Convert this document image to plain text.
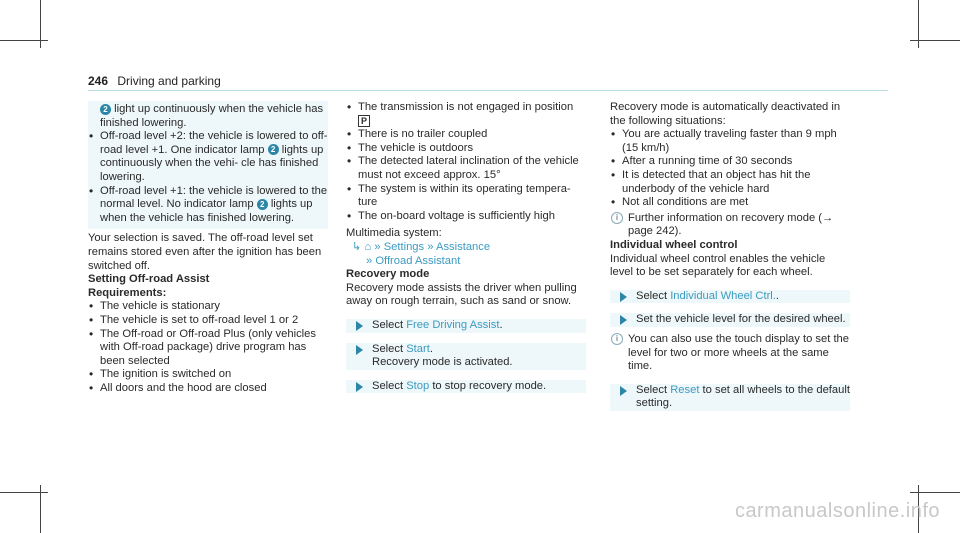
246 Driving and parking

2 light up continuously when the vehicle has finished lowering.

• Off-road level +2: the vehicle is lowered to off-road level +1. One indicator lamp 2 lights up continuously when the vehi- cle has finished lowering.

• Off-road level +1: the vehicle is lowered to the normal level. No indicator lamp 2 lights up when the vehicle has finished lowering.

Your selection is saved. The off-road level set remains stored even after the ignition has been switched off.

Setting Off-road Assist

Requirements:

• The vehicle is stationary

• The vehicle is set to off-road level 1 or 2

• The Off-road or Off-road Plus (only vehicles with Off-road package) drive program has been selected

• The ignition is switched on

• All doors and the hood are closed

• The transmission is not engaged in position
P

• There is no trailer coupled

• The vehicle is outdoors

• The detected lateral inclination of the vehicle must not exceed approx. 15°

• The system is within its operating tempera- ture

• The on-board voltage is sufficiently high

Multimedia system:

↳ ⌂ » Settings » Assistance
» Offroad Assistant

Recovery mode

Recovery mode assists the driver when pulling away on rough terrain, such as sand or snow.

Select Free Driving Assist.
Select Start.
Recovery mode is activated.
Select Stop to stop recovery mode.

Recovery mode is automatically deactivated in the following situations:

• You are actually traveling faster than 9 mph (15 km/h)

• After a running time of 30 seconds

• It is detected that an object has hit the underbody of the vehicle hard

• Not all conditions are met

i Further information on recovery mode (→ page 242).

Individual wheel control

Individual wheel control enables the vehicle level to be set separately for each wheel.

Select Individual Wheel Ctrl..
Set the vehicle level for the desired wheel.
i You can also use the touch display to set the level for two or more wheels at the same time.
Select Reset to set all wheels to the default setting.
carmanualsonline.info
